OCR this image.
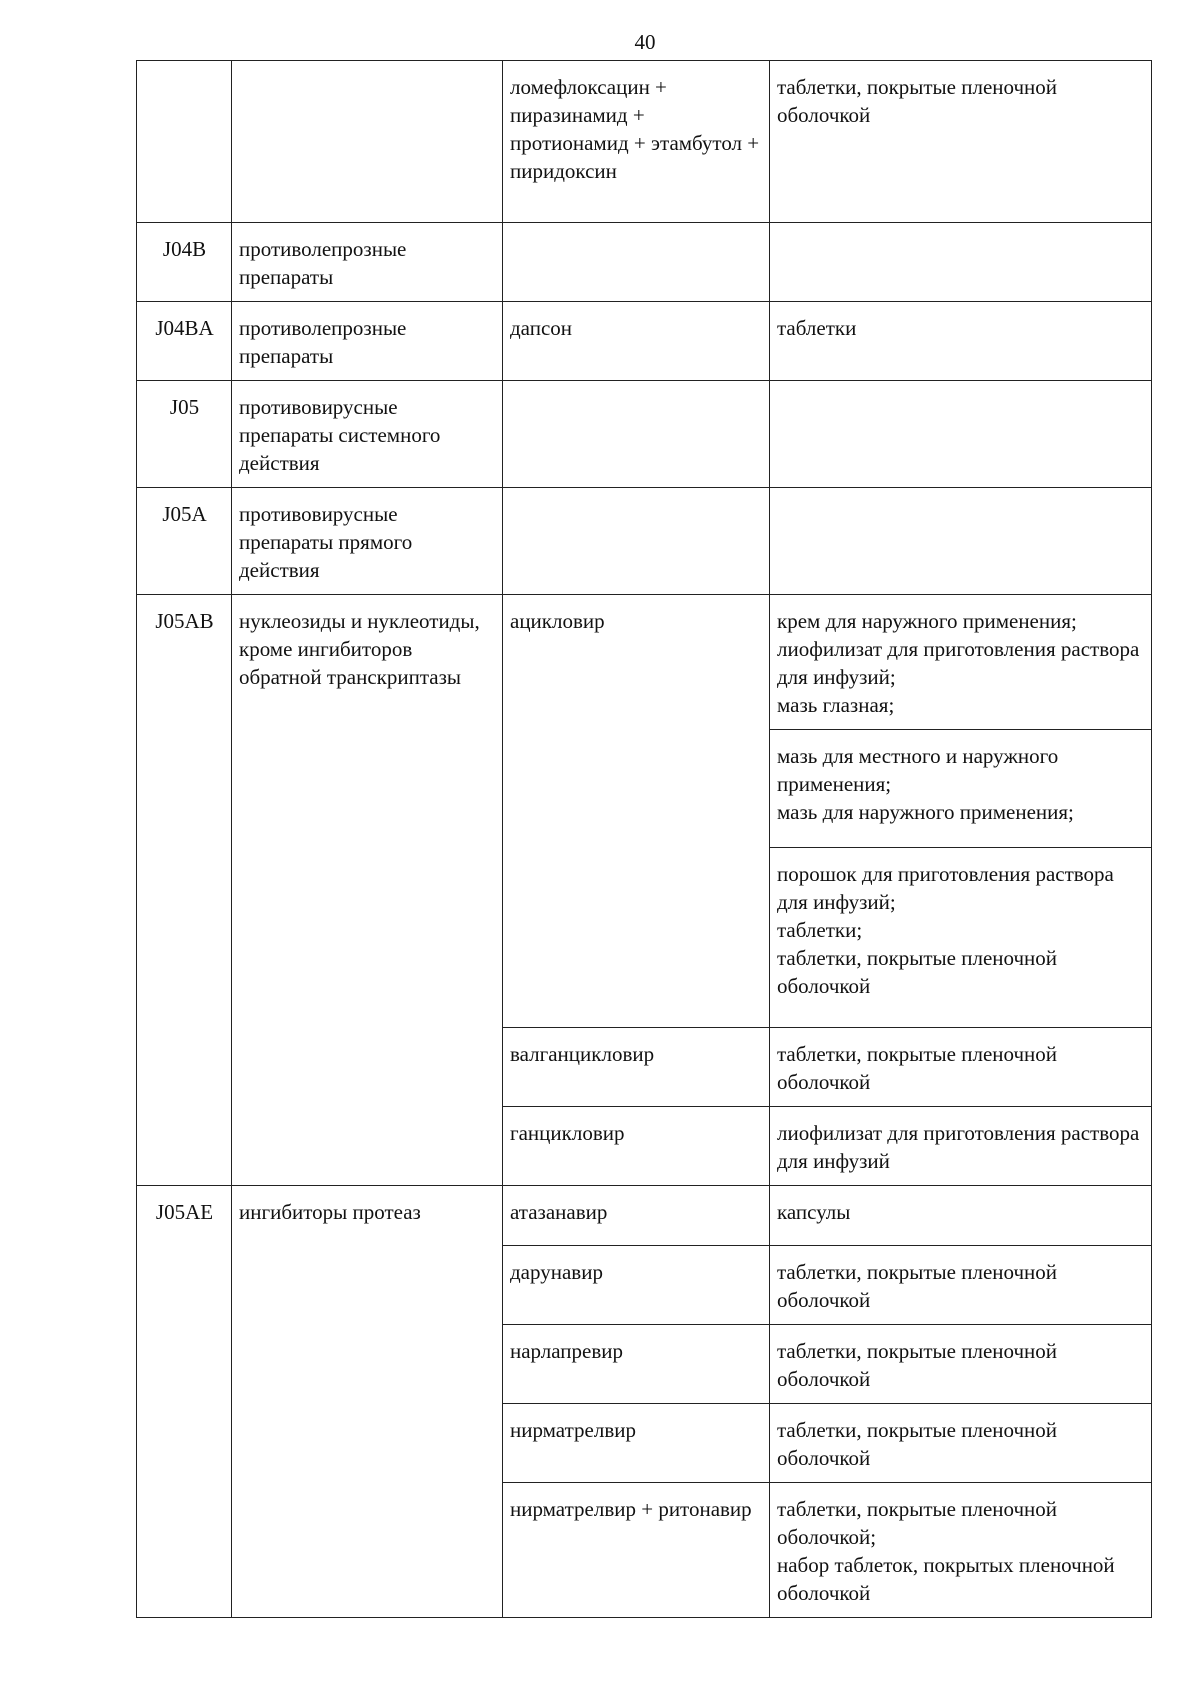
40
		ломефлоксацин + пиразинамид + протионамид + этамбутол + пиридоксин	таблетки, покрытые пленочной оболочкой

J04B	противолепрозные препараты		
J04BA	противолепрозные препараты	дапсон	таблетки

J05	противовирусные препараты системного действия		
J05A	противовирусные препараты прямого действия		
J05AB	нуклеозиды и нуклеотиды, кроме ингибиторов обратной транскриптазы	ацикловир	крем для наружного применения;
лиофилизат для приготовления раствора для инфузий;
мазь глазная;

			мазь для местного и наружного применения;
мазь для наружного применения;

			порошок для приготовления раствора для инфузий;
таблетки;
таблетки, покрытые пленочной оболочкой

		валганцикловир	таблетки, покрытые пленочной оболочкой

		ганцикловир	лиофилизат для приготовления раствора для инфузий

J05AE	ингибиторы протеаз	атазанавир	капсулы

		дарунавир	таблетки, покрытые пленочной оболочкой

		нарлапревир	таблетки, покрытые пленочной оболочкой

		нирматрелвир	таблетки, покрытые пленочной оболочкой

		нирматрелвир + ритонавир	таблетки, покрытые пленочной оболочкой;
набор таблеток, покрытых пленочной оболочкой
